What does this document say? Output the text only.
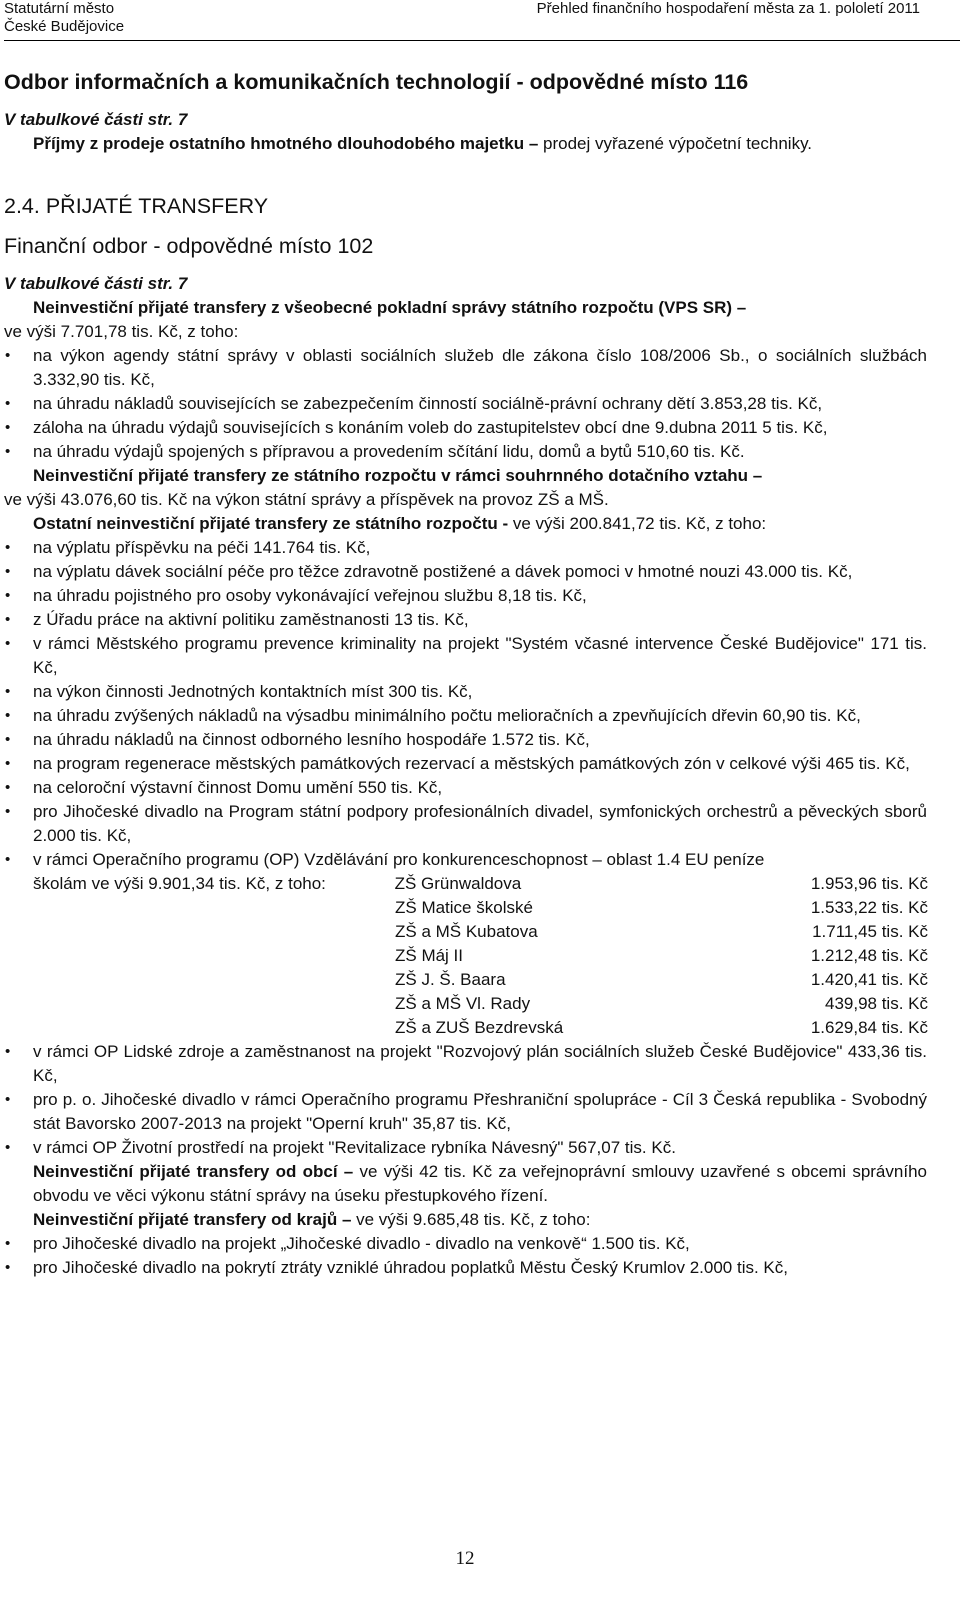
Statutární město
České Budějovice
Přehled finančního hospodaření města za 1. pololetí 2011
Odbor informačních a komunikačních technologií - odpovědné místo 116
V tabulkové části str. 7
Příjmy z prodeje ostatního hmotného dlouhodobého majetku – prodej vyřazené výpočetní techniky.
2.4. PŘIJATÉ TRANSFERY
Finanční odbor - odpovědné místo 102
V tabulkové části str. 7
Neinvestiční přijaté transfery z všeobecné pokladní správy státního rozpočtu (VPS SR) –
ve výši 7.701,78 tis. Kč, z toho:
• na výkon agendy státní správy v oblasti sociálních služeb dle zákona číslo 108/2006 Sb., o sociálních službách 3.332,90 tis. Kč,
• na úhradu nákladů souvisejících se zabezpečením činností sociálně-právní ochrany dětí 3.853,28 tis. Kč,
• záloha na úhradu výdajů souvisejících s konáním voleb do zastupitelstev obcí dne 9.dubna 2011 5 tis. Kč,
• na úhradu výdajů spojených s přípravou a provedením sčítání lidu, domů a bytů 510,60 tis. Kč.
Neinvestiční přijaté transfery ze státního rozpočtu v rámci souhrnného dotačního vztahu –
ve výši 43.076,60 tis. Kč na výkon státní správy a příspěvek na provoz ZŠ a MŠ.
Ostatní neinvestiční přijaté transfery ze státního rozpočtu - ve výši 200.841,72 tis. Kč, z toho:
• na výplatu příspěvku na péči 141.764 tis. Kč,
• na výplatu dávek sociální péče pro těžce zdravotně postižené a dávek pomoci v hmotné nouzi 43.000 tis. Kč,
• na úhradu pojistného pro osoby vykonávající veřejnou službu 8,18 tis. Kč,
• z Úřadu práce na aktivní politiku zaměstnanosti 13 tis. Kč,
• v rámci Městského programu prevence kriminality na projekt "Systém včasné intervence České Budějovice" 171 tis. Kč,
• na výkon činnosti Jednotných kontaktních míst 300 tis. Kč,
• na úhradu zvýšených nákladů na výsadbu minimálního počtu melioračních a zpevňujících dřevin 60,90 tis. Kč,
• na úhradu nákladů na činnost odborného lesního hospodáře 1.572 tis. Kč,
• na program regenerace městských památkových rezervací a městských památkových zón v celkové výši 465 tis. Kč,
• na celoroční výstavní činnost Domu umění 550 tis. Kč,
• pro Jihočeské divadlo na Program státní podpory profesionálních divadel, symfonických orchestrů a pěveckých sborů 2.000 tis. Kč,
• v rámci Operačního programu (OP) Vzdělávání pro konkurenceschopnost – oblast 1.4 EU peníze
školám ve výši 9.901,34 tis. Kč, z toho:	ZŠ Grünwaldova	1.953,96 tis. Kč
ZŠ Matice školské	1.533,22 tis. Kč
ZŠ a MŠ Kubatova	1.711,45 tis. Kč
ZŠ Máj II	1.212,48 tis. Kč
ZŠ J. Š. Baara	1.420,41 tis. Kč
ZŠ a MŠ Vl. Rady	439,98 tis. Kč
ZŠ a ZUŠ Bezdrevská	1.629,84 tis. Kč
• v rámci OP Lidské zdroje a zaměstnanost na projekt "Rozvojový plán sociálních služeb České Budějovice" 433,36 tis. Kč,
• pro p. o. Jihočeské divadlo v rámci Operačního programu Přeshraniční spolupráce - Cíl 3 Česká republika - Svobodný stát Bavorsko 2007-2013 na projekt "Operní kruh" 35,87 tis. Kč,
• v rámci OP Životní prostředí na projekt "Revitalizace rybníka Návesný" 567,07 tis. Kč.
Neinvestiční přijaté transfery od obcí – ve výši 42 tis. Kč za veřejnoprávní smlouvy uzavřené s obcemi správního obvodu ve věci výkonu státní správy na úseku přestupkového řízení.
Neinvestiční přijaté transfery od krajů – ve výši 9.685,48 tis. Kč, z toho:
• pro Jihočeské divadlo na projekt „Jihočeské divadlo - divadlo na venkově“ 1.500 tis. Kč,
• pro Jihočeské divadlo na pokrytí ztráty vzniklé úhradou poplatků Městu Český Krumlov 2.000 tis. Kč,
12
